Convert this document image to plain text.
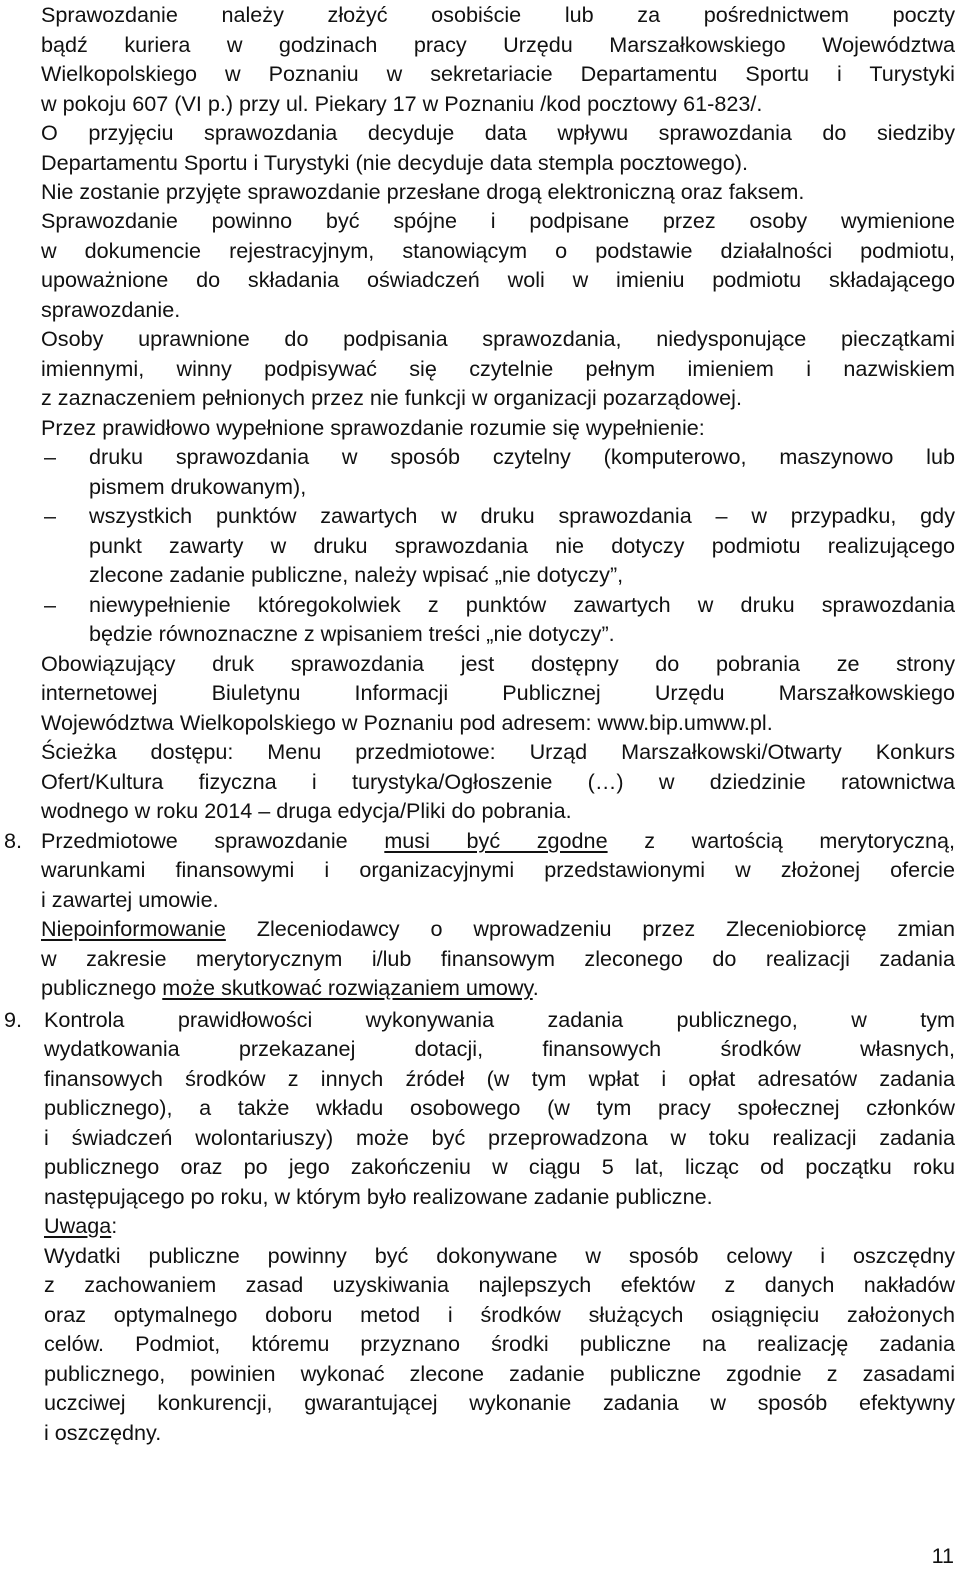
Sprawozdanie należy złożyć osobiście lub za pośrednictwem poczty
bądź kuriera w godzinach pracy Urzędu Marszałkowskiego Województwa
Wielkopolskiego w Poznaniu w sekretariacie Departamentu Sportu i Turystyki
w pokoju 607 (VI p.) przy ul. Piekary 17 w Poznaniu /kod pocztowy 61-823/.
O przyjęciu sprawozdania decyduje data wpływu sprawozdania do siedziby
Departamentu Sportu i Turystyki (nie decyduje data stempla pocztowego).
Nie zostanie przyjęte sprawozdanie przesłane drogą elektroniczną oraz faksem.
Sprawozdanie powinno być spójne i podpisane przez osoby wymienione
w dokumencie rejestracyjnym, stanowiącym o podstawie działalności podmiotu,
upoważnione do składania oświadczeń woli w imieniu podmiotu składającego
sprawozdanie.
Osoby uprawnione do podpisania sprawozdania, niedysponujące pieczątkami
imiennymi, winny podpisywać się czytelnie pełnym imieniem i nazwiskiem
z zaznaczeniem pełnionych przez nie funkcji w organizacji pozarządowej.
Przez prawidłowo wypełnione sprawozdanie rozumie się wypełnienie:
– druku sprawozdania w sposób czytelny (komputerowo, maszynowo lub
pismem drukowanym),
– wszystkich punktów zawartych w druku sprawozdania – w przypadku, gdy
punkt zawarty w druku sprawozdania nie dotyczy podmiotu realizującego
zlecone zadanie publiczne, należy wpisać „nie dotyczy”,
– niewypełnienie któregokolwiek z punktów zawartych w druku sprawozdania
będzie równoznaczne z wpisaniem treści „nie dotyczy”.
Obowiązujący druk sprawozdania jest dostępny do pobrania ze strony
internetowej Biuletynu Informacji Publicznej Urzędu Marszałkowskiego
Województwa Wielkopolskiego w Poznaniu pod adresem: www.bip.umww.pl.
Ścieżka dostępu: Menu przedmiotowe: Urząd Marszałkowski/Otwarty Konkurs
Ofert/Kultura fizyczna i turystyka/Ogłoszenie (…) w dziedzinie ratownictwa
wodnego w roku 2014 – druga edycja/Pliki do pobrania.
8. Przedmiotowe sprawozdanie musi być zgodne z wartością merytoryczną,
warunkami finansowymi i organizacyjnymi przedstawionymi w złożonej ofercie
i zawartej umowie.
Niepoinformowanie Zleceniodawcy o wprowadzeniu przez Zleceniobiorcę zmian
w zakresie merytorycznym i/lub finansowym zleconego do realizacji zadania
publicznego może skutkować rozwiązaniem umowy.
9. Kontrola prawidłowości wykonywania zadania publicznego, w tym
wydatkowania przekazanej dotacji, finansowych środków własnych,
finansowych środków z innych źródeł (w tym wpłat i opłat adresatów zadania
publicznego), a także wkładu osobowego (w tym pracy społecznej członków
i świadczeń wolontariuszy) może być przeprowadzona w toku realizacji zadania
publicznego oraz po jego zakończeniu w ciągu 5 lat, licząc od początku roku
następującego po roku, w którym było realizowane zadanie publiczne.
Uwaga:
Wydatki publiczne powinny być dokonywane w sposób celowy i oszczędny
z zachowaniem zasad uzyskiwania najlepszych efektów z danych nakładów
oraz optymalnego doboru metod i środków służących osiągnięciu założonych
celów. Podmiot, któremu przyznano środki publiczne na realizację zadania
publicznego, powinien wykonać zlecone zadanie publiczne zgodnie z zasadami
uczciwej konkurencji, gwarantującej wykonanie zadania w sposób efektywny
i oszczędny.
11
